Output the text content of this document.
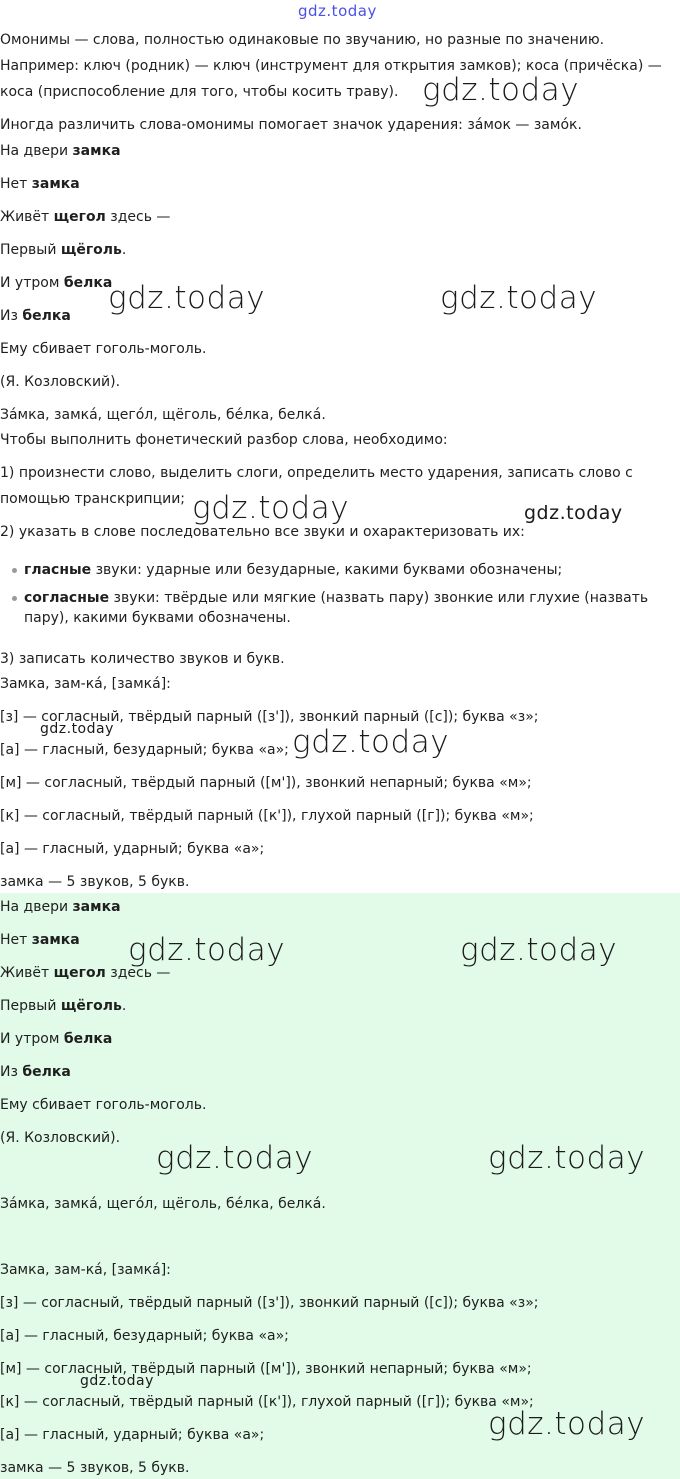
Омонимы — слова, полностью одинаковые по звучанию, но разные по значению.
Например: ключ (родник) — ключ (инструмент для открытия замков); коса (причёска) —
коса (приспособление для того, чтобы косить траву).
Иногда различить слова-омонимы помогает значок ударения: за́мок — замо́к.
На двери замка
Нет замка
Живёт щегол здесь —
Первый щёголь.
И утром белка
Из белка
Ему сбивает гоголь-моголь.
(Я. Козловский).
За́мка, замка́, щего́л, щёголь, бе́лка, белка́.
Чтобы выполнить фонетический разбор слова, необходимо:
1) произнести слово, выделить слоги, определить место ударения, записать слово с
помощью транскрипции;
2) указать в слове последовательно все звуки и охарактеризовать их:
гласные звуки: ударные или безударные, какими буквами обозначены;
согласные звуки: твёрдые или мягкие (назвать пару) звонкие или глухие (назвать пару), какими буквами обозначены.
3) записать количество звуков и букв.
Замка, зам-ка́, [замка́]:
[з] — согласный, твёрдый парный ([з']), звонкий парный ([с]); буква «з»;
[а] — гласный, безударный; буква «а»;
[м] — согласный, твёрдый парный ([м']), звонкий непарный; буква «м»;
[к] — согласный, твёрдый парный ([к']), глухой парный ([г]); буква «м»;
[а] — гласный, ударный; буква «а»;
замка — 5 звуков, 5 букв.
На двери замка
Нет замка
Живёт щегол здесь —
Первый щёголь.
И утром белка
Из белка
Ему сбивает гоголь-моголь.
(Я. Козловский).
За́мка, замка́, щего́л, щёголь, бе́лка, белка́.
Замка, зам-ка́, [замка́]:
[з] — согласный, твёрдый парный ([з']), звонкий парный ([с]); буква «з»;
[а] — гласный, безударный; буква «а»;
[м] — согласный, твёрдый парный ([м']), звонкий непарный; буква «м»;
[к] — согласный, твёрдый парный ([к']), глухой парный ([г]); буква «м»;
[а] — гласный, ударный; буква «а»;
замка — 5 звуков, 5 букв.
gdz.today
gdz.today
gdz.today	gdz.today
gdz.today	gdz.today
gdz.today	gdz.today
gdz.today	gdz.today
gdz.today	gdz.today
gdz.today
gdz.today
